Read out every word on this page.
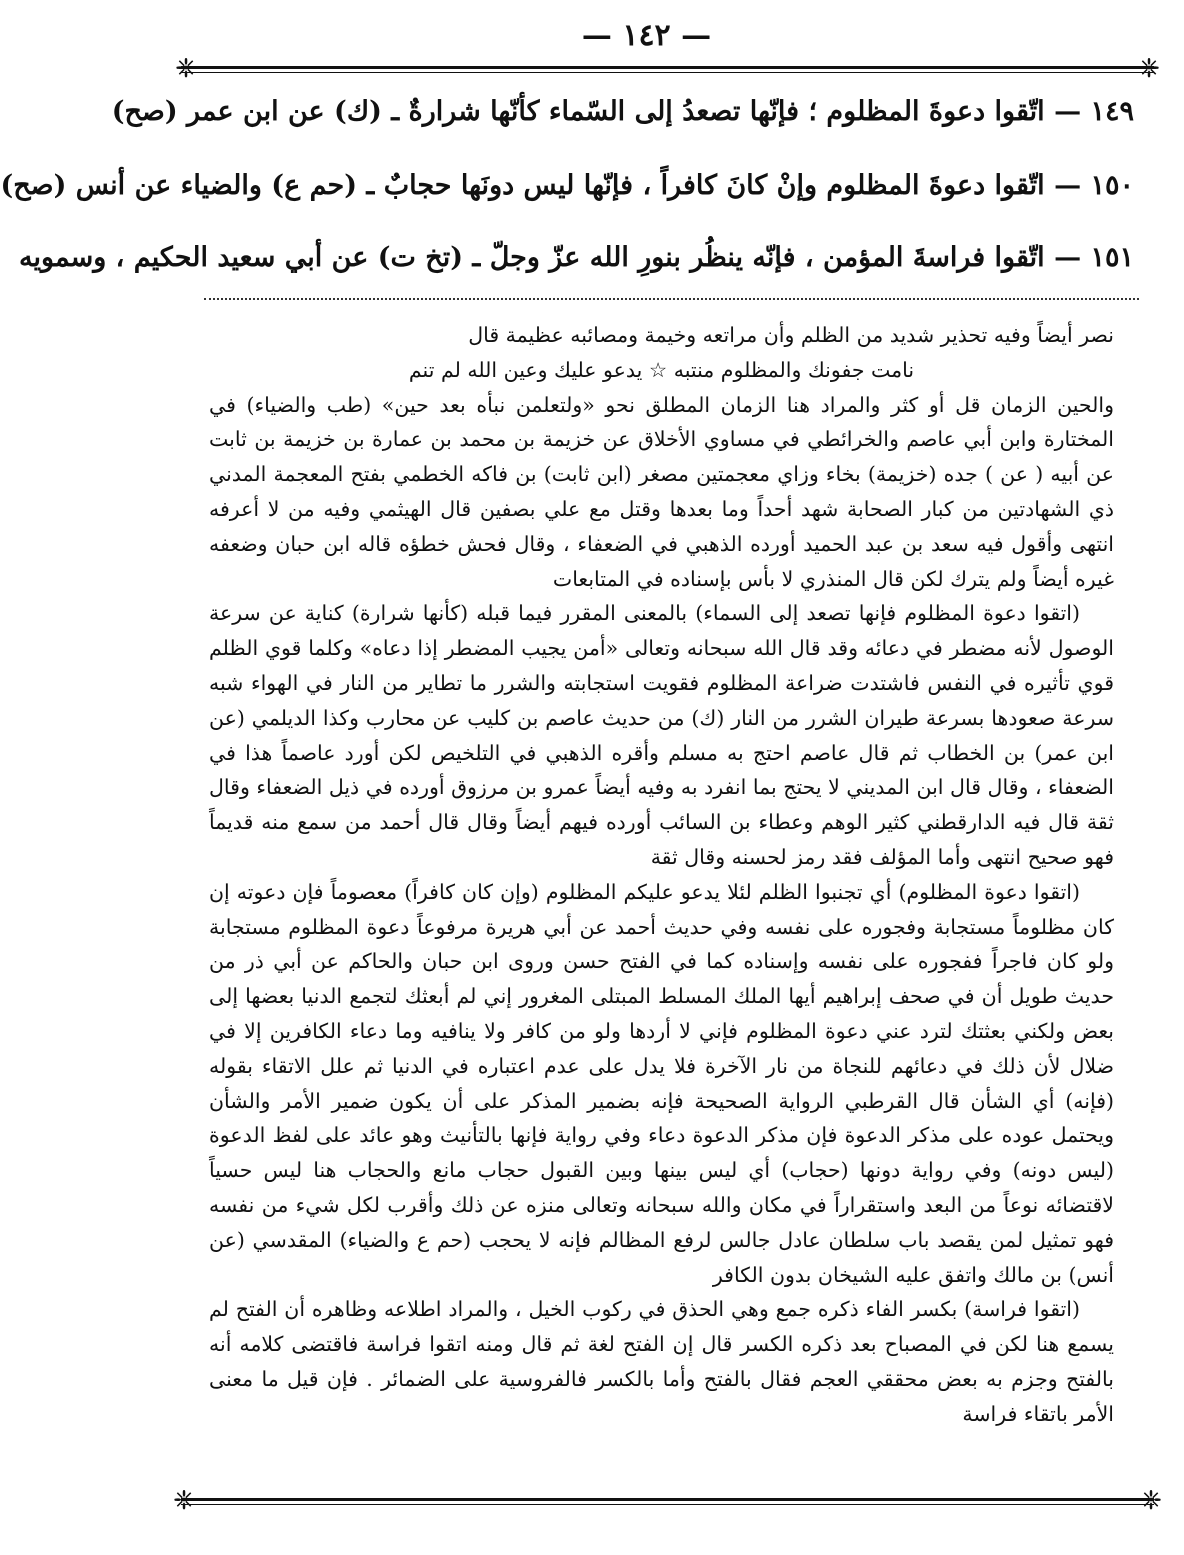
❈	❈
❈	❈
— ١٤٢ —
١٤٩ — اتّقوا دعوةَ المظلوم ؛ فإنّها تصعدُ إلى السّماء كأنّها شرارةٌ ـ (ك) عن ابن عمر (صح)
١٥٠ — اتّقوا دعوةَ المظلوم وإنْ كانَ كافراً ، فإنّها ليس دونَها حجابٌ ـ (حم ع) والضياء عن أنس (صح)
١٥١ — اتّقوا فراسةَ المؤمن ، فإنّه ينظُر بنورِ الله عزّ وجلّ ـ (تخ ت) عن أبي سعيد الحكيم ، وسمويه

نصر أيضاً وفيه تحذير شديد من الظلم وأن مراتعه وخيمة ومصائبه عظيمة قال

نامت جفونك والمظلوم منتبه ☆ يدعو عليك وعين الله لم تنم

والحين الزمان قل أو كثر والمراد هنا الزمان المطلق نحو «ولتعلمن نبأه بعد حين» (طب والضياء) في المختارة وابن أبي عاصم والخرائطي في مساوي الأخلاق عن خزيمة بن محمد بن عمارة بن خزيمة بن ثابت عن أبيه ( عن ) جده (خزيمة) بخاء وزاي معجمتين مصغر (ابن ثابت) بن فاكه الخطمي بفتح المعجمة المدني ذي الشهادتين من كبار الصحابة شهد أحداً وما بعدها وقتل مع علي بصفين قال الهيثمي وفيه من لا أعرفه انتهى وأقول فيه سعد بن عبد الحميد أورده الذهبي في الضعفاء ، وقال فحش خطؤه قاله ابن حبان وضعفه غيره أيضاً ولم يترك لكن قال المنذري لا بأس بإسناده في المتابعات

(اتقوا دعوة المظلوم فإنها تصعد إلى السماء) بالمعنى المقرر فيما قبله (كأنها شرارة) كناية عن سرعة الوصول لأنه مضطر في دعائه وقد قال الله سبحانه وتعالى «أمن يجيب المضطر إذا دعاه» وكلما قوي الظلم قوي تأثيره في النفس فاشتدت ضراعة المظلوم فقويت استجابته والشرر ما تطاير من النار في الهواء شبه سرعة صعودها بسرعة طيران الشرر من النار (ك) من حديث عاصم بن كليب عن محارب وكذا الديلمي (عن ابن عمر) بن الخطاب ثم قال عاصم احتج به مسلم وأقره الذهبي في التلخيص لكن أورد عاصماً هذا في الضعفاء ، وقال قال ابن المديني لا يحتج بما انفرد به وفيه أيضاً عمرو بن مرزوق أورده في ذيل الضعفاء وقال ثقة قال فيه الدارقطني كثير الوهم وعطاء بن السائب أورده فيهم أيضاً وقال قال أحمد من سمع منه قديماً فهو صحيح انتهى وأما المؤلف فقد رمز لحسنه وقال ثقة

(اتقوا دعوة المظلوم) أي تجنبوا الظلم لئلا يدعو عليكم المظلوم (وإن كان كافراً) معصوماً فإن دعوته إن كان مظلوماً مستجابة وفجوره على نفسه وفي حديث أحمد عن أبي هريرة مرفوعاً دعوة المظلوم مستجابة ولو كان فاجراً ففجوره على نفسه وإسناده كما في الفتح حسن وروى ابن حبان والحاكم عن أبي ذر من حديث طويل أن في صحف إبراهيم أيها الملك المسلط المبتلى المغرور إني لم أبعثك لتجمع الدنيا بعضها إلى بعض ولكني بعثتك لترد عني دعوة المظلوم فإني لا أردها ولو من كافر ولا ينافيه وما دعاء الكافرين إلا في ضلال لأن ذلك في دعائهم للنجاة من نار الآخرة فلا يدل على عدم اعتباره في الدنيا ثم علل الاتقاء بقوله (فإنه) أي الشأن قال القرطبي الرواية الصحيحة فإنه بضمير المذكر على أن يكون ضمير الأمر والشأن ويحتمل عوده على مذكر الدعوة فإن مذكر الدعوة دعاء وفي رواية فإنها بالتأنيث وهو عائد على لفظ الدعوة (ليس دونه) وفي رواية دونها (حجاب) أي ليس بينها وبين القبول حجاب مانع والحجاب هنا ليس حسياً لاقتضائه نوعاً من البعد واستقراراً في مكان والله سبحانه وتعالى منزه عن ذلك وأقرب لكل شيء من نفسه فهو تمثيل لمن يقصد باب سلطان عادل جالس لرفع المظالم فإنه لا يحجب (حم ع والضياء) المقدسي (عن أنس) بن مالك واتفق عليه الشيخان بدون الكافر

(اتقوا فراسة) بكسر الفاء ذكره جمع وهي الحذق في ركوب الخيل ، والمراد اطلاعه وظاهره أن الفتح لم يسمع هنا لكن في المصباح بعد ذكره الكسر قال إن الفتح لغة ثم قال ومنه اتقوا فراسة فاقتضى كلامه أنه بالفتح وجزم به بعض محققي العجم فقال بالفتح وأما بالكسر فالفروسية على الضمائر . فإن قيل ما معنى الأمر باتقاء فراسة
